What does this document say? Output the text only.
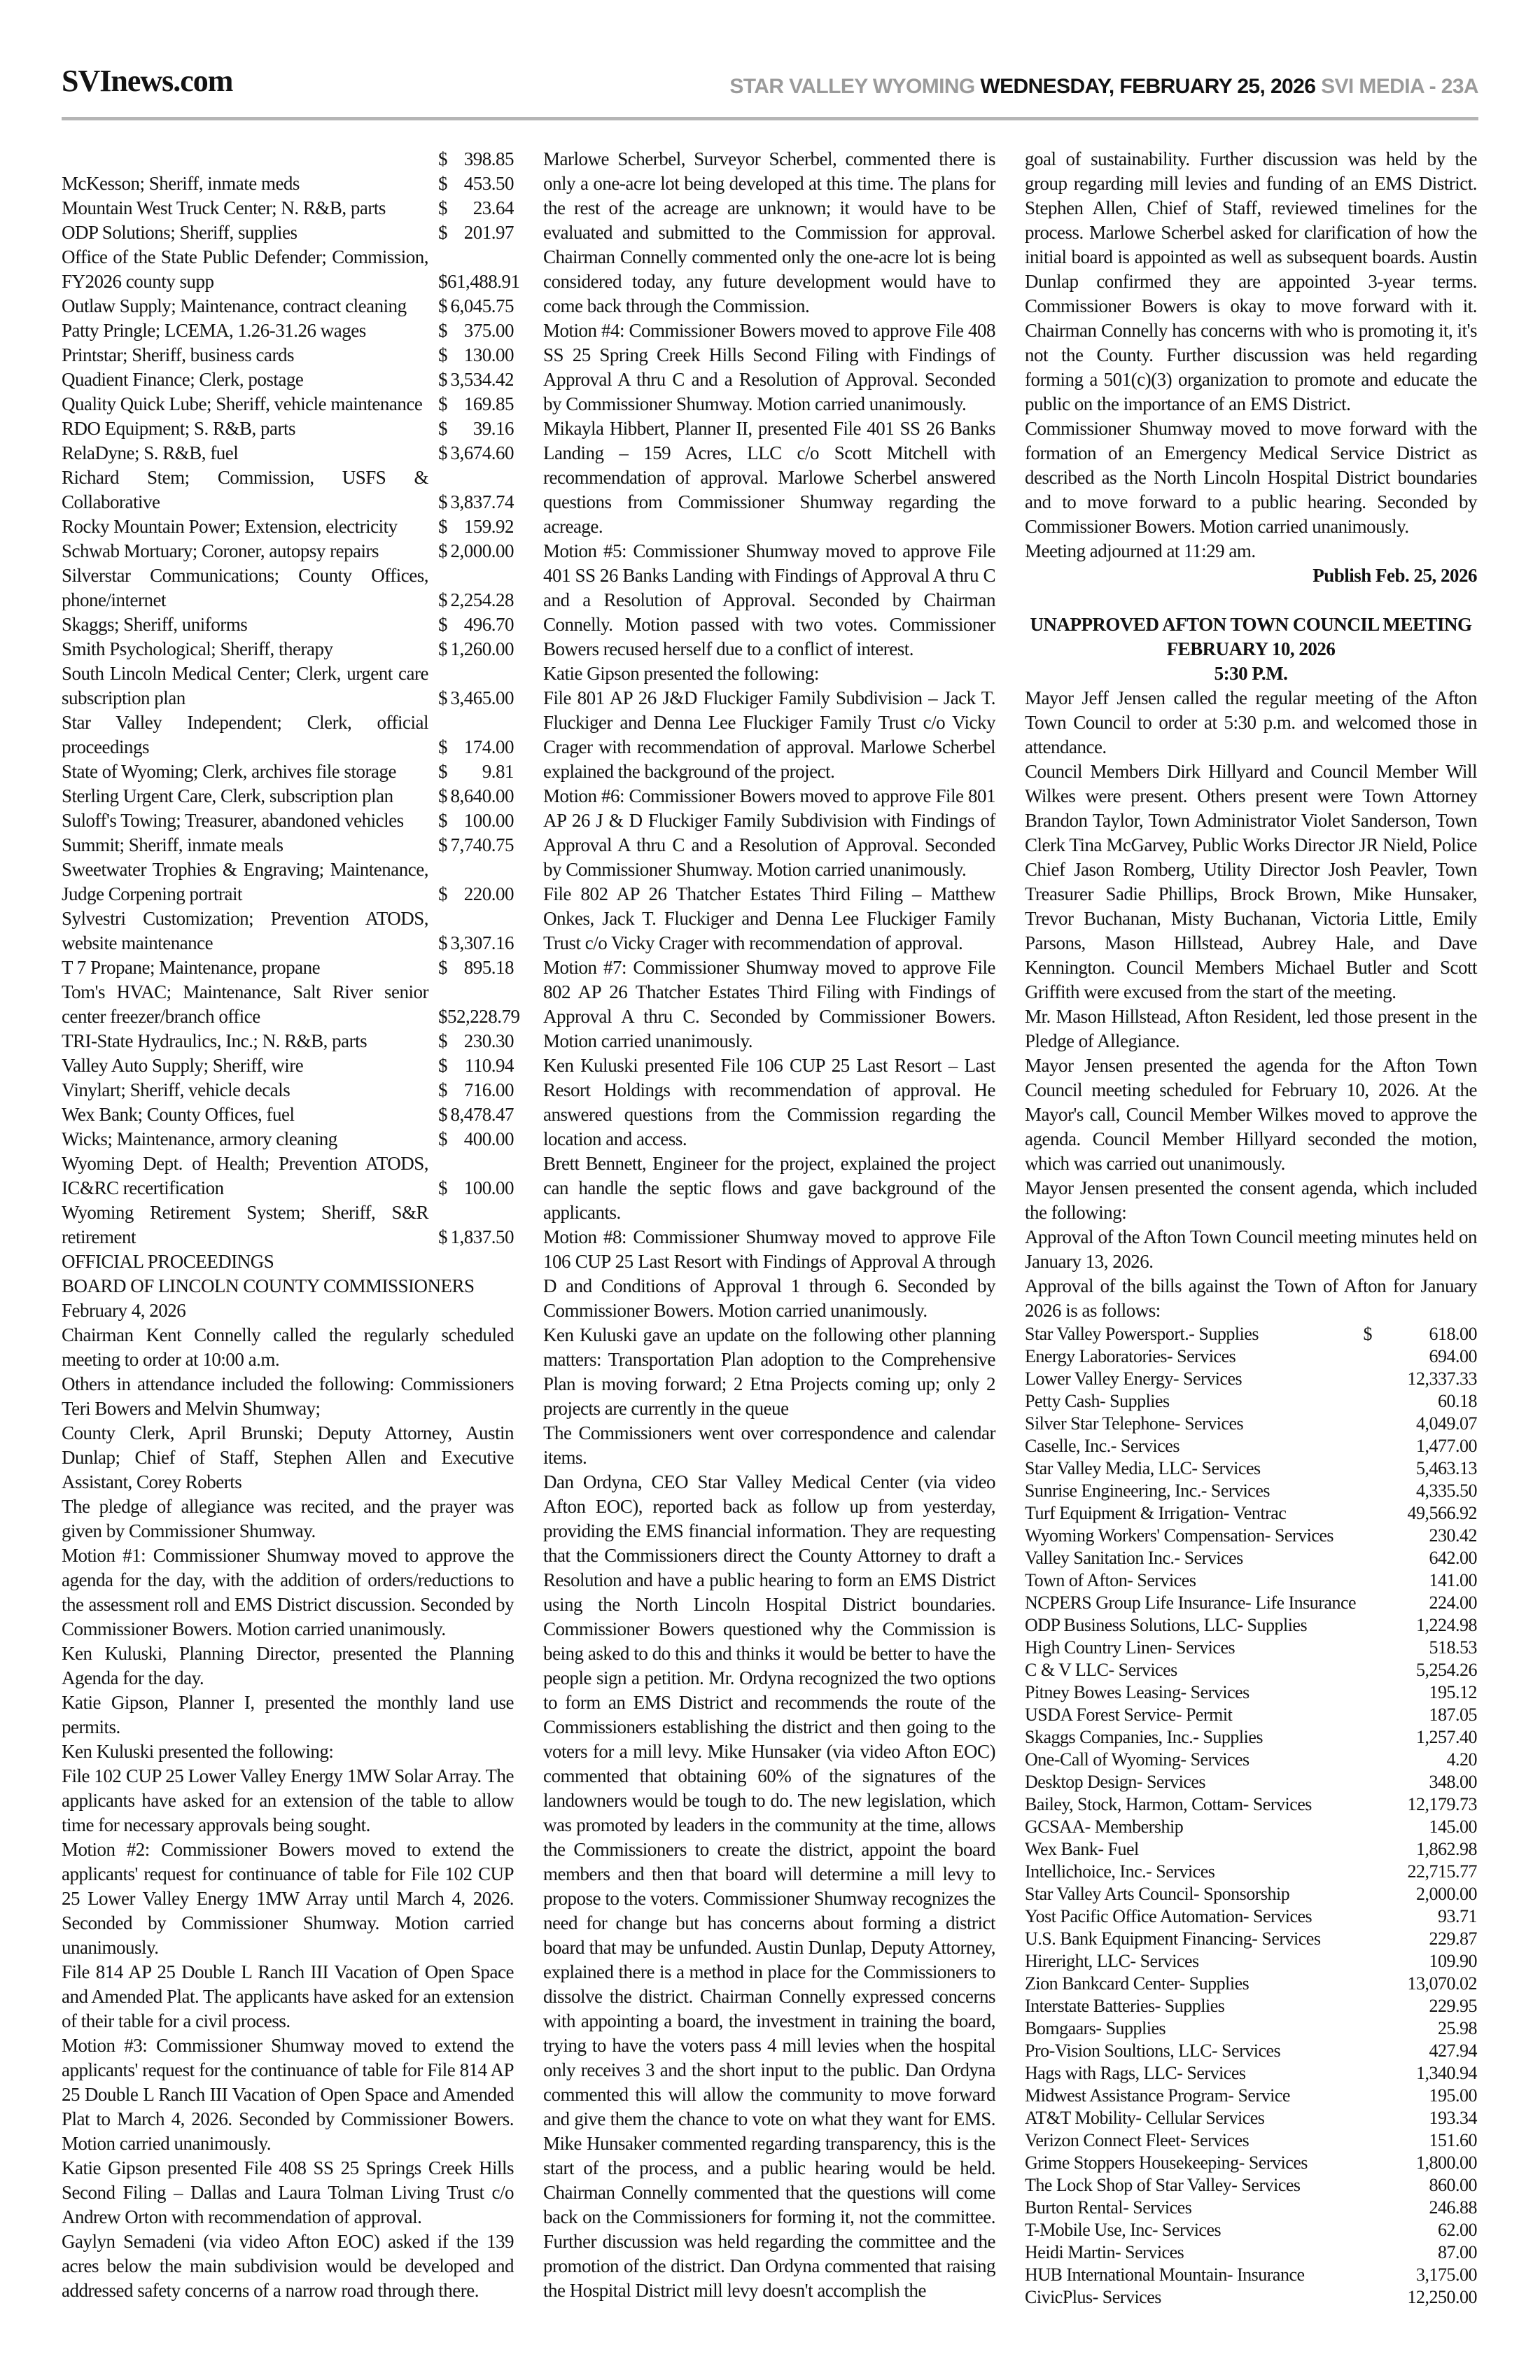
SVInews.com	STAR VALLEY WYOMING WEDNESDAY, FEBRUARY 25, 2026 SVI MEDIA - 23A
$ 398.85
McKesson; Sheriff, inmate meds	$ 453.50
Mountain West Truck Center; N. R&B, parts	$	23.64
ODP Solutions; Sheriff, supplies	$ 201.97
Office of the State Public Defender; Commission, FY2026 county supp	$ 61,488.91
Outlaw Supply; Maintenance, contract cleaning	$ 6,045.75
Patty Pringle; LCEMA, 1.26-31.26 wages	$ 375.00
Printstar; Sheriff, business cards	$ 130.00
Quadient Finance; Clerk, postage	$ 3,534.42
Quality Quick Lube; Sheriff, vehicle maintenance $ 169.85
RDO Equipment; S. R&B, parts	$	39.16
RelaDyne; S. R&B, fuel	$ 3,674.60
Richard Stem; Commission, USFS & Collaborative	$ 3,837.74
Rocky Mountain Power; Extension, electricity	$ 159.92
Schwab Mortuary; Coroner, autopsy repairs	$ 2,000.00
Silverstar Communications; County Offices, phone/internet	$ 2,254.28
Skaggs; Sheriff, uniforms	$ 496.70
Smith Psychological; Sheriff, therapy	$ 1,260.00
South Lincoln Medical Center; Clerk, urgent care subscription plan	$ 3,465.00
Star Valley Independent; Clerk, official proceedings	$ 174.00
State of Wyoming; Clerk, archives file storage	$	9.81
Sterling Urgent Care, Clerk, subscription plan	$ 8,640.00
Suloff's Towing; Treasurer, abandoned vehicles	$ 100.00
Summit; Sheriff, inmate meals	$ 7,740.75
Sweetwater Trophies & Engraving; Maintenance, Judge Corpening portrait	$ 220.00
Sylvestri Customization; Prevention ATODS, website maintenance	$ 3,307.16
T 7 Propane; Maintenance, propane	$ 895.18
Tom's HVAC; Maintenance, Salt River senior center freezer/branch office	$ 52,228.79
TRI-State Hydraulics, Inc.; N. R&B, parts	$ 230.30
Valley Auto Supply; Sheriff, wire	$ 110.94
Vinylart; Sheriff, vehicle decals	$ 716.00
Wex Bank; County Offices, fuel	$ 8,478.47
Wicks; Maintenance, armory cleaning	$ 400.00
Wyoming Dept. of Health; Prevention ATODS, IC&RC recertification	$ 100.00
Wyoming Retirement System; Sheriff, S&R retirement	$ 1,837.50

OFFICIAL PROCEEDINGS

BOARD OF LINCOLN COUNTY COMMISSIONERS

February 4, 2026

Chairman Kent Connelly called the regularly scheduled meeting to order at 10:00 a.m.

Others in attendance included the following: Commissioners Teri Bowers and Melvin Shumway;

County Clerk, April Brunski; Deputy Attorney, Austin Dunlap; Chief of Staff, Stephen Allen and Executive Assistant, Corey Roberts

The pledge of allegiance was recited, and the prayer was given by Commissioner Shumway.

Motion #1: Commissioner Shumway moved to approve the agenda for the day, with the addition of orders/reductions to the assessment roll and EMS District discussion. Seconded by Commissioner Bowers. Motion carried unanimously.

Ken Kuluski, Planning Director, presented the Planning Agenda for the day.

Katie Gipson, Planner I, presented the monthly land use permits.

Ken Kuluski presented the following:

File 102 CUP 25 Lower Valley Energy 1MW Solar Array. The applicants have asked for an extension of the table to allow time for necessary approvals being sought.

Motion #2: Commissioner Bowers moved to extend the applicants' request for continuance of table for File 102 CUP 25 Lower Valley Energy 1MW Array until March 4, 2026. Seconded by Commissioner Shumway. Motion carried unanimously.

File 814 AP 25 Double L Ranch III Vacation of Open Space and Amended Plat. The applicants have asked for an extension of their table for a civil process.

Motion #3: Commissioner Shumway moved to extend the applicants' request for the continuance of table for File 814 AP 25 Double L Ranch III Vacation of Open Space and Amended Plat to March 4, 2026. Seconded by Commissioner Bowers. Motion carried unanimously.

Katie Gipson presented File 408 SS 25 Springs Creek Hills Second Filing – Dallas and Laura Tolman Living Trust c/o Andrew Orton with recommendation of approval.

Gaylyn Semadeni (via video Afton EOC) asked if the 139 acres below the main subdivision would be developed and addressed safety concerns of a narrow road through there.

Marlowe Scherbel, Surveyor Scherbel, commented there is only a one-acre lot being developed at this time. The plans for the rest of the acreage are unknown; it would have to be evaluated and submitted to the Commission for approval. Chairman Connelly commented only the one-acre lot is being considered today, any future development would have to come back through the Commission.

Motion #4: Commissioner Bowers moved to approve File 408 SS 25 Spring Creek Hills Second Filing with Findings of Approval A thru C and a Resolution of Approval. Seconded by Commissioner Shumway. Motion carried unanimously.

Mikayla Hibbert, Planner II, presented File 401 SS 26 Banks Landing – 159 Acres, LLC c/o Scott Mitchell with recommendation of approval. Marlowe Scherbel answered questions from Commissioner Shumway regarding the acreage.

Motion #5: Commissioner Shumway moved to approve File 401 SS 26 Banks Landing with Findings of Approval A thru C and a Resolution of Approval. Seconded by Chairman Connelly. Motion passed with two votes. Commissioner Bowers recused herself due to a conflict of interest.

Katie Gipson presented the following:

File 801 AP 26 J&D Fluckiger Family Subdivision – Jack T. Fluckiger and Denna Lee Fluckiger Family Trust c/o Vicky Crager with recommendation of approval. Marlowe Scherbel explained the background of the project.

Motion #6: Commissioner Bowers moved to approve File 801 AP 26 J & D Fluckiger Family Subdivision with Findings of Approval A thru C and a Resolution of Approval. Seconded by Commissioner Shumway. Motion carried unanimously.

File 802 AP 26 Thatcher Estates Third Filing – Matthew Onkes, Jack T. Fluckiger and Denna Lee Fluckiger Family Trust c/o Vicky Crager with recommendation of approval.

Motion #7: Commissioner Shumway moved to approve File 802 AP 26 Thatcher Estates Third Filing with Findings of Approval A thru C. Seconded by Commissioner Bowers. Motion carried unanimously.

Ken Kuluski presented File 106 CUP 25 Last Resort – Last Resort Holdings with recommendation of approval. He answered questions from the Commission regarding the location and access.

Brett Bennett, Engineer for the project, explained the project can handle the septic flows and gave background of the applicants.

Motion #8: Commissioner Shumway moved to approve File 106 CUP 25 Last Resort with Findings of Approval A through D and Conditions of Approval 1 through 6. Seconded by Commissioner Bowers. Motion carried unanimously.

Ken Kuluski gave an update on the following other planning matters: Transportation Plan adoption to the Comprehensive Plan is moving forward; 2 Etna Projects coming up; only 2 projects are currently in the queue

The Commissioners went over correspondence and calendar items.

Dan Ordyna, CEO Star Valley Medical Center (via video Afton EOC), reported back as follow up from yesterday, providing the EMS financial information. They are requesting that the Commissioners direct the County Attorney to draft a Resolution and have a public hearing to form an EMS District using the North Lincoln Hospital District boundaries. Commissioner Bowers questioned why the Commission is being asked to do this and thinks it would be better to have the people sign a petition. Mr. Ordyna recognized the two options to form an EMS District and recommends the route of the Commissioners establishing the district and then going to the voters for a mill levy. Mike Hunsaker (via video Afton EOC) commented that obtaining 60% of the signatures of the landowners would be tough to do. The new legislation, which was promoted by leaders in the community at the time, allows the Commissioners to create the district, appoint the board members and then that board will determine a mill levy to propose to the voters. Commissioner Shumway recognizes the need for change but has concerns about forming a district board that may be unfunded. Austin Dunlap, Deputy Attorney, explained there is a method in place for the Commissioners to dissolve the district. Chairman Connelly expressed concerns with appointing a board, the investment in training the board, trying to have the voters pass 4 mill levies when the hospital only receives 3 and the short input to the public. Dan Ordyna commented this will allow the community to move forward and give them the chance to vote on what they want for EMS. Mike Hunsaker commented regarding transparency, this is the start of the process, and a public hearing would be held. Chairman Connelly commented that the questions will come back on the Commissioners for forming it, not the committee. Further discussion was held regarding the committee and the promotion of the district. Dan Ordyna commented that raising the Hospital District mill levy doesn't accomplish the

goal of sustainability. Further discussion was held by the group regarding mill levies and funding of an EMS District. Stephen Allen, Chief of Staff, reviewed timelines for the process. Marlowe Scherbel asked for clarification of how the initial board is appointed as well as subsequent boards. Austin Dunlap confirmed they are appointed 3-year terms. Commissioner Bowers is okay to move forward with it. Chairman Connelly has concerns with who is promoting it, it's not the County. Further discussion was held regarding forming a 501(c)(3) organization to promote and educate the public on the importance of an EMS District.

Commissioner Shumway moved to move forward with the formation of an Emergency Medical Service District as described as the North Lincoln Hospital District boundaries and to move forward to a public hearing. Seconded by Commissioner Bowers. Motion carried unanimously.

Meeting adjourned at 11:29 am.

Publish Feb. 25, 2026

UNAPPROVED AFTON TOWN COUNCIL MEETING

FEBRUARY 10, 2026

5:30 P.M.

Mayor Jeff Jensen called the regular meeting of the Afton Town Council to order at 5:30 p.m. and welcomed those in attendance.

Council Members Dirk Hillyard and Council Member Will Wilkes were present. Others present were Town Attorney Brandon Taylor, Town Administrator Violet Sanderson, Town Clerk Tina McGarvey, Public Works Director JR Nield, Police Chief Jason Romberg, Utility Director Josh Peavler, Town Treasurer Sadie Phillips, Brock Brown, Mike Hunsaker, Trevor Buchanan, Misty Buchanan, Victoria Little, Emily Parsons, Mason Hillstead, Aubrey Hale, and Dave Kennington. Council Members Michael Butler and Scott Griffith were excused from the start of the meeting.

Mr. Mason Hillstead, Afton Resident, led those present in the Pledge of Allegiance.

Mayor Jensen presented the agenda for the Afton Town Council meeting scheduled for February 10, 2026. At the Mayor's call, Council Member Wilkes moved to approve the agenda. Council Member Hillyard seconded the motion, which was carried out unanimously.

Mayor Jensen presented the consent agenda, which included the following:

Approval of the Afton Town Council meeting minutes held on January 13, 2026.

Approval of the bills against the Town of Afton for January 2026 is as follows:

Star Valley Powersport.- Supplies	$	618.00
Energy Laboratories- Services	694.00
Lower Valley Energy- Services	12,337.33
Petty Cash- Supplies	60.18
Silver Star Telephone- Services	4,049.07
Caselle, Inc.- Services	1,477.00
Star Valley Media, LLC- Services	5,463.13
Sunrise Engineering, Inc.- Services	4,335.50
Turf Equipment & Irrigation- Ventrac	49,566.92
Wyoming Workers' Compensation- Services	230.42
Valley Sanitation Inc.- Services	642.00
Town of Afton- Services	141.00
NCPERS Group Life Insurance- Life Insurance	224.00
ODP Business Solutions, LLC- Supplies	1,224.98
High Country Linen- Services	518.53
C & V LLC- Services	5,254.26
Pitney Bowes Leasing- Services	195.12
USDA Forest Service- Permit	187.05
Skaggs Companies, Inc.- Supplies	1,257.40
One-Call of Wyoming- Services	4.20
Desktop Design- Services	348.00
Bailey, Stock, Harmon, Cottam- Services	12,179.73
GCSAA- Membership	145.00
Wex Bank- Fuel	1,862.98
Intellichoice, Inc.- Services	22,715.77
Star Valley Arts Council- Sponsorship	2,000.00
Yost Pacific Office Automation- Services	93.71
U.S. Bank Equipment Financing- Services	229.87
Hireright, LLC- Services	109.90
Zion Bankcard Center- Supplies	13,070.02
Interstate Batteries- Supplies	229.95
Bomgaars- Supplies	25.98
Pro-Vision Soultions, LLC- Services	427.94
Hags with Rags, LLC- Services	1,340.94
Midwest Assistance Program- Service	195.00
AT&T Mobility- Cellular Services	193.34
Verizon Connect Fleet- Services	151.60
Grime Stoppers Housekeeping- Services	1,800.00
The Lock Shop of Star Valley- Services	860.00
Burton Rental- Services	246.88
T-Mobile Use, Inc- Services	62.00
Heidi Martin- Services	87.00
HUB International Mountain- Insurance	3,175.00
CivicPlus- Services	12,250.00
